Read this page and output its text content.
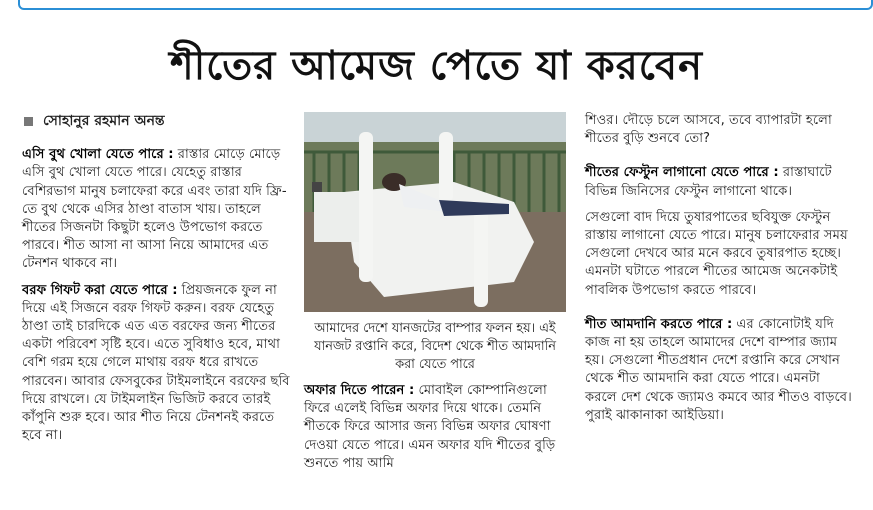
শীতের আমেজ পেতে যা করবেন
সোহানুর রহমান অনন্ত

এসি বুথ খোলা যেতে পারে : রাস্তার মোড়ে মোড়ে এসি বুথ খোলা যেতে পারে। যেহেতু রাস্তার বেশিরভাগ মানুষ চলাফেরা করে এবং তারা যদি ফ্রি-তে বুথ থেকে এসির ঠাণ্ডা বাতাস খায়। তাহলে শীতের সিজনটা কিছুটা হলেও উপভোগ করতে পারবে। শীত আসা না আসা নিয়ে আমাদের এত টেনশন থাকবে না।

বরফ গিফট করা যেতে পারে : প্রিয়জনকে ফুল না দিয়ে এই সিজনে বরফ গিফট করুন। বরফ যেহেতু ঠাণ্ডা তাই চারদিকে এত এত বরফের জন্য শীতের একটা পরিবেশ সৃষ্টি হবে। এতে সুবিধাও হবে, মাথা বেশি গরম হয়ে গেলে মাথায় বরফ ধরে রাখতে পারবেন। আবার ফেসবুকের টাইমলাইনে বরফের ছবি দিয়ে রাখলে। যে টাইমলাইন ভিজিট করবে তারই কাঁপুনি শুরু হবে। আর শীত নিয়ে টেনশনই করতে হবে না।

আমাদের দেশে যানজটের বাম্পার ফলন হয়। এই যানজট রপ্তানি করে, বিদেশ থেকে শীত আমদানি করা যেতে পারে

অফার দিতে পারেন : মোবাইল কোম্পানিগুলো ফিরে এলেই বিভিন্ন অফার দিয়ে থাকে। তেমনি শীতকে ফিরে আসার জন্য বিভিন্ন অফার ঘোষণা দেওয়া যেতে পারে। এমন অফার যদি শীতের বুড়ি শুনতে পায় আমি

শিওর। দৌড়ে চলে আসবে, তবে ব্যাপারটা হলো শীতের বুড়ি শুনবে তো?

শীতের ফেস্টুন লাগানো যেতে পারে : রাস্তাঘাটে বিভিন্ন জিনিসের ফেস্টুন লাগানো থাকে।

সেগুলো বাদ দিয়ে তুষারপাতের ছবিযুক্ত ফেস্টুন রাস্তায় লাগানো যেতে পারে। মানুষ চলাফেরার সময় সেগুলো দেখবে আর মনে করবে তুষারপাত হচ্ছে। এমনটা ঘটাতে পারলে শীতের আমেজ অনেকটাই পাবলিক উপভোগ করতে পারবে।

শীত আমদানি করতে পারে : এর কোনোটাই যদি কাজ না হয় তাহলে আমাদের দেশে বাম্পার জ্যাম হয়। সেগুলো শীতপ্রধান দেশে রপ্তানি করে সেখান থেকে শীত আমদানি করা যেতে পারে। এমনটা করলে দেশ থেকে জ্যামও কমবে আর শীতও বাড়বে। পুরাই ঝাকানাকা আইডিয়া।
